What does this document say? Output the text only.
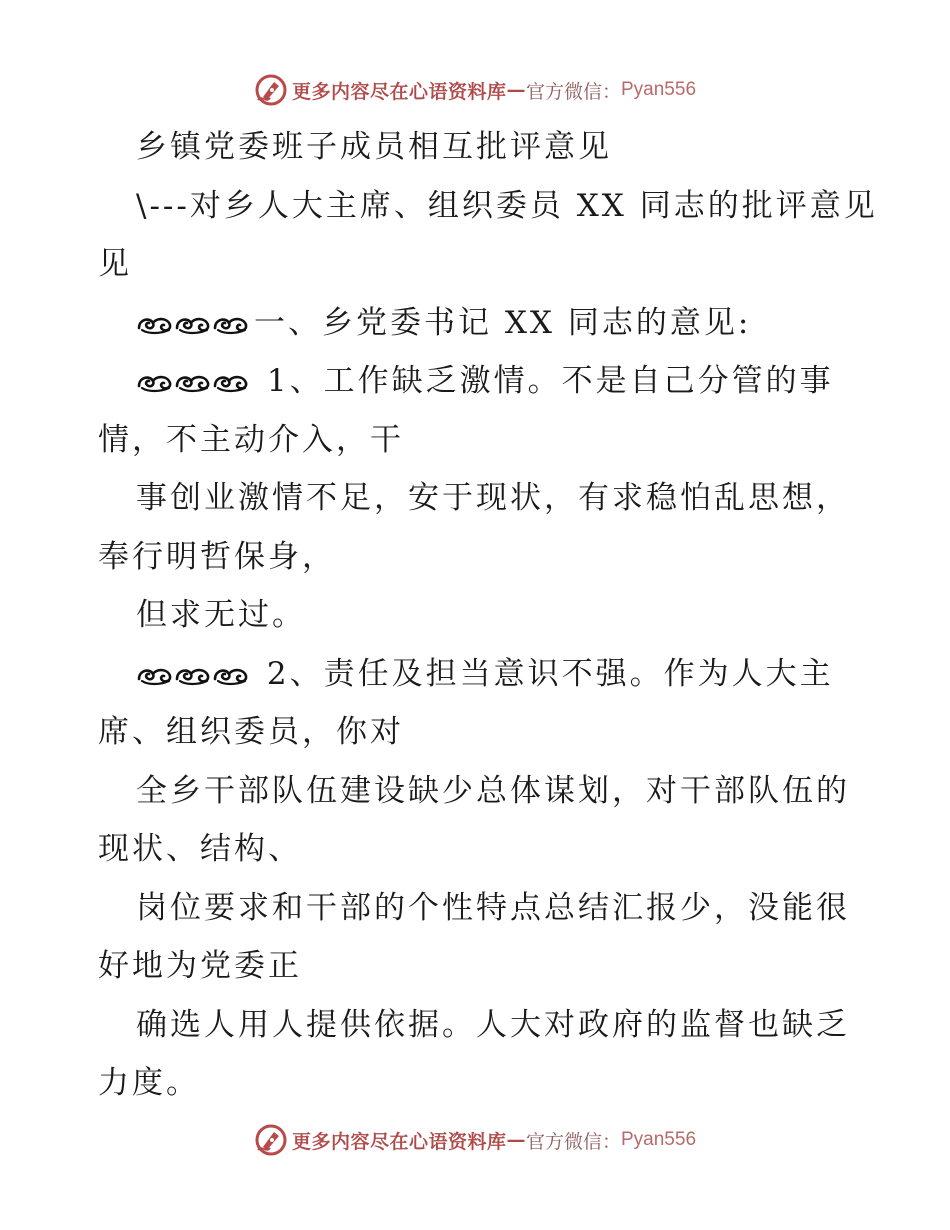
更多内容尽在心语资料库 — 官方微信： Pyan556
乡镇党委班子成员相互批评意见
\---对乡人大主席、组织委员 XX 同志的批评意见
见
一、乡党委书记 XX 同志的意见:
1、工作缺乏激情。不是自己分管的事
情，不主动介入，干
事创业激情不足，安于现状，有求稳怕乱思想，
奉行明哲保身，
但求无过。
2、责任及担当意识不强。作为人大主
席、组织委员，你对
全乡干部队伍建设缺少总体谋划，对干部队伍的
现状、结构、
岗位要求和干部的个性特点总结汇报少，没能很
好地为党委正
确选人用人提供依据。人大对政府的监督也缺乏
力度。
更多内容尽在心语资料库 — 官方微信： Pyan556
